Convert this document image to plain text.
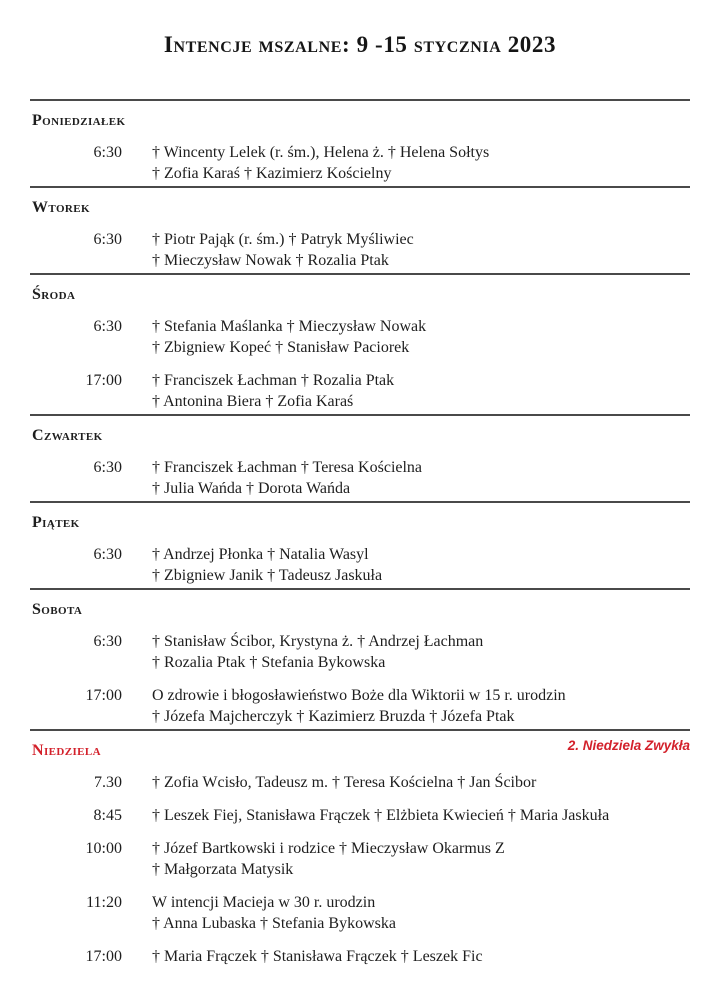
Intencje mszalne: 9 -15 stycznia 2023
Poniedziałek
6:30 † Wincenty Lelek (r. śm.), Helena ż. † Helena Sołtys
† Zofia Karaś † Kazimierz Kościelny
Wtorek
6:30 † Piotr Pająk (r. śm.) † Patryk Myśliwiec
† Mieczysław Nowak † Rozalia Ptak
Środa
6:30 † Stefania Maślanka † Mieczysław Nowak
† Zbigniew Kopeć † Stanisław Paciorek
17:00 † Franciszek Łachman † Rozalia Ptak
† Antonina Biera † Zofia Karaś
Czwartek
6:30 † Franciszek Łachman † Teresa Kościelna
† Julia Wańda † Dorota Wańda
Piątek
6:30 † Andrzej Płonka † Natalia Wasyl
† Zbigniew Janik † Tadeusz Jaskuła
Sobota
6:30 † Stanisław Ścibor, Krystyna ż. † Andrzej Łachman
† Rozalia Ptak † Stefania Bykowska
17:00 O zdrowie i błogosławieństwo Boże dla Wiktorii w 15 r. urodzin
† Józefa Majcherczyk † Kazimierz Bruzda † Józefa Ptak
Niedziela	2. Niedziela Zwykła
7.30 † Zofia Wcisło, Tadeusz m. † Teresa Kościelna † Jan Ścibor
8:45 † Leszek Fiej, Stanisława Frączek † Elżbieta Kwiecień † Maria Jaskuła
10:00 † Józef Bartkowski i rodzice † Mieczysław Okarmus Z
† Małgorzata Matysik
11:20 W intencji Macieja w 30 r. urodzin
† Anna Lubaska † Stefania Bykowska
17:00 † Maria Frączek † Stanisława Frączek † Leszek Fic
